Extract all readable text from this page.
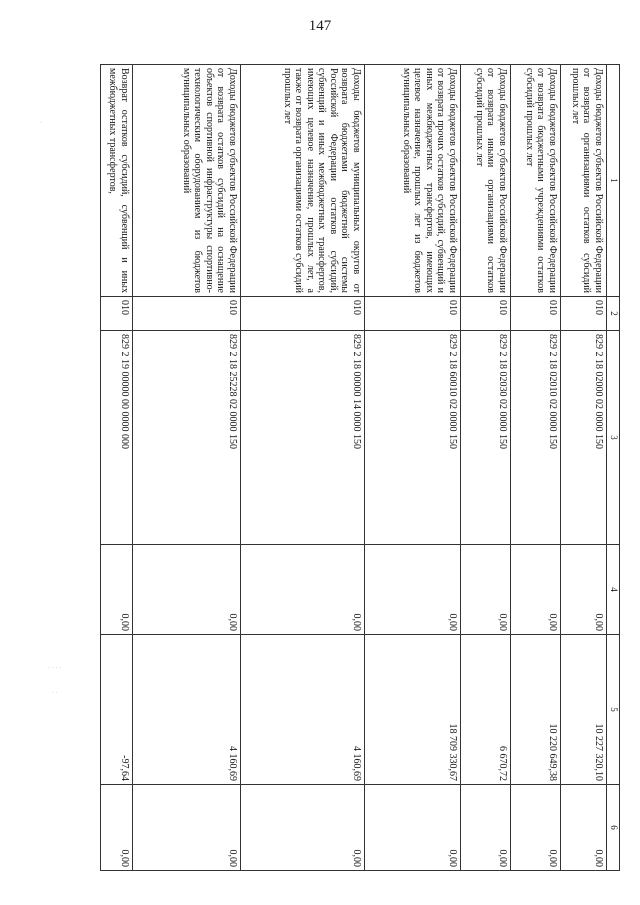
147
·
· · · ·
· ·
1	2	3	4	5	6
Доходы бюджетов субъектов Российской Федерации от возврата организациями остатков субсидий прошлых лет	010	829 2 18 02000 02 0000 150	0,00	10 227 320,10	0,00
Доходы бюджетов субъектов Российской Федерации от возврата бюджетными учреждениями остатков субсидий прошлых лет	010	829 2 18 02010 02 0000 150	0,00	10 220 649,38	0,00
Доходы бюджетов субъектов Российской Федерации от возврата иными организациями остатков субсидий прошлых лет	010	829 2 18 02030 02 0000 150	0,00	6 670,72	0,00
Доходы бюджетов субъектов Российской Федерации от возврата прочих остатков субсидий, субвенций и иных межбюджетных трансфертов, имеющих целевое назначение, прошлых лет из бюджетов муниципальных образований	010	829 2 18 60010 02 0000 150	0,00	18 709 330,67	0,00
Доходы бюджетов муниципальных округов от возврата бюджетами бюджетной системы Российской Федерации остатков субсидий, субвенций и иных межбюджетных трансфертов, имеющих целевое назначение, прошлых лет, а также от возврата организациями остатков субсидий прошлых лет	010	829 2 18 00000 14 0000 150	0,00	4 160,69	0,00
Доходы бюджетов субъектов Российской Федерации от возврата остатков субсидий на оснащение объектов спортивной инфраструктуры спортивно-технологическим оборудованием из бюджетов муниципальных образований	010	829 2 18 25228 02 0000 150	0,00	4 160,69	0,00
Возврат остатков субсидий, субвенций и иных межбюджетных трансфертов,	010	829 2 19 00000 00 0000 000	0,00	-97,64	0,00
